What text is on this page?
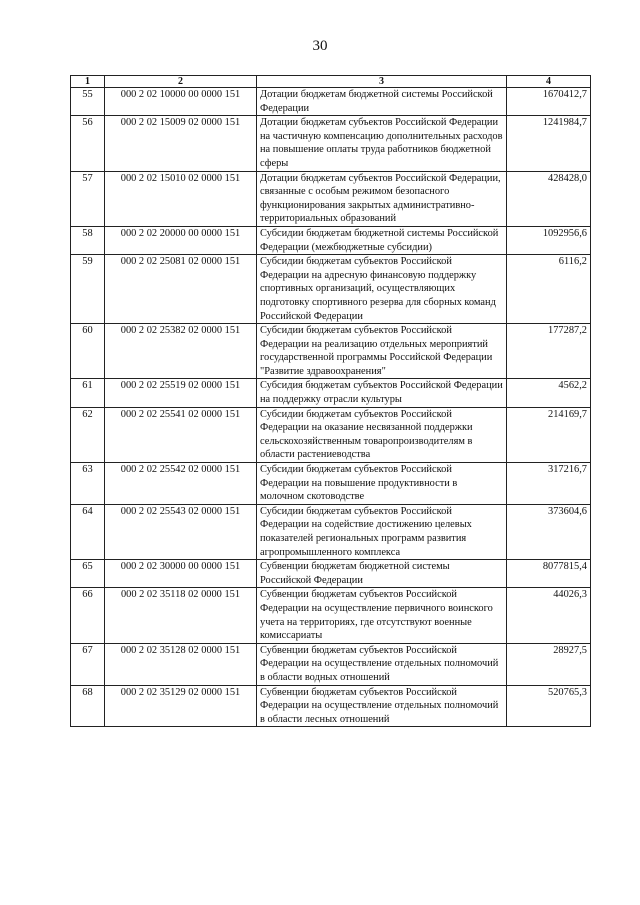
30
1	2	3	4
55	000 2 02 10000 00 0000 151	Дотации бюджетам бюджетной системы Российской Федерации	1670412,7
56	000 2 02 15009 02 0000 151	Дотации бюджетам субъектов Российской Федерации на частичную компенсацию дополнительных расходов на повышение оплаты труда работников бюджетной сферы	1241984,7
57	000 2 02 15010 02 0000 151	Дотации бюджетам субъектов Российской Федерации, связанные с особым режимом безопасного функционирования закрытых административно-территориальных образований	428428,0
58	000 2 02 20000 00 0000 151	Субсидии бюджетам бюджетной системы Российской Федерации (межбюджетные субсидии)	1092956,6
59	000 2 02 25081 02 0000 151	Субсидии бюджетам субъектов Российской Федерации на адресную финансовую поддержку спортивных организаций, осуществляющих подготовку спортивного резерва для сборных команд Российской Федерации	6116,2
60	000 2 02 25382 02 0000 151	Субсидии бюджетам субъектов Российской Федерации на реализацию отдельных мероприятий государственной программы Российской Федерации "Развитие здравоохранения"	177287,2
61	000 2 02 25519 02 0000 151	Субсидия бюджетам субъектов Российской Федерации на поддержку отрасли культуры	4562,2
62	000 2 02 25541 02 0000 151	Субсидии бюджетам субъектов Российской Федерации на оказание несвязанной поддержки сельскохозяйственным товаропроизводителям в области растениеводства	214169,7
63	000 2 02 25542 02 0000 151	Субсидии бюджетам субъектов Российской Федерации на повышение продуктивности в молочном скотоводстве	317216,7
64	000 2 02 25543 02 0000 151	Субсидии бюджетам субъектов Российской Федерации на содействие достижению целевых показателей региональных программ развития агропромышленного комплекса	373604,6
65	000 2 02 30000 00 0000 151	Субвенции бюджетам бюджетной системы Российской Федерации	8077815,4
66	000 2 02 35118 02 0000 151	Субвенции бюджетам субъектов Российской Федерации на осуществление первичного воинского учета на территориях, где отсутствуют военные комиссариаты	44026,3
67	000 2 02 35128 02 0000 151	Субвенции бюджетам субъектов Российской Федерации на осуществление отдельных полномочий в области водных отношений	28927,5
68	000 2 02 35129 02 0000 151	Субвенции бюджетам субъектов Российской Федерации на осуществление отдельных полномочий в области лесных отношений	520765,3
